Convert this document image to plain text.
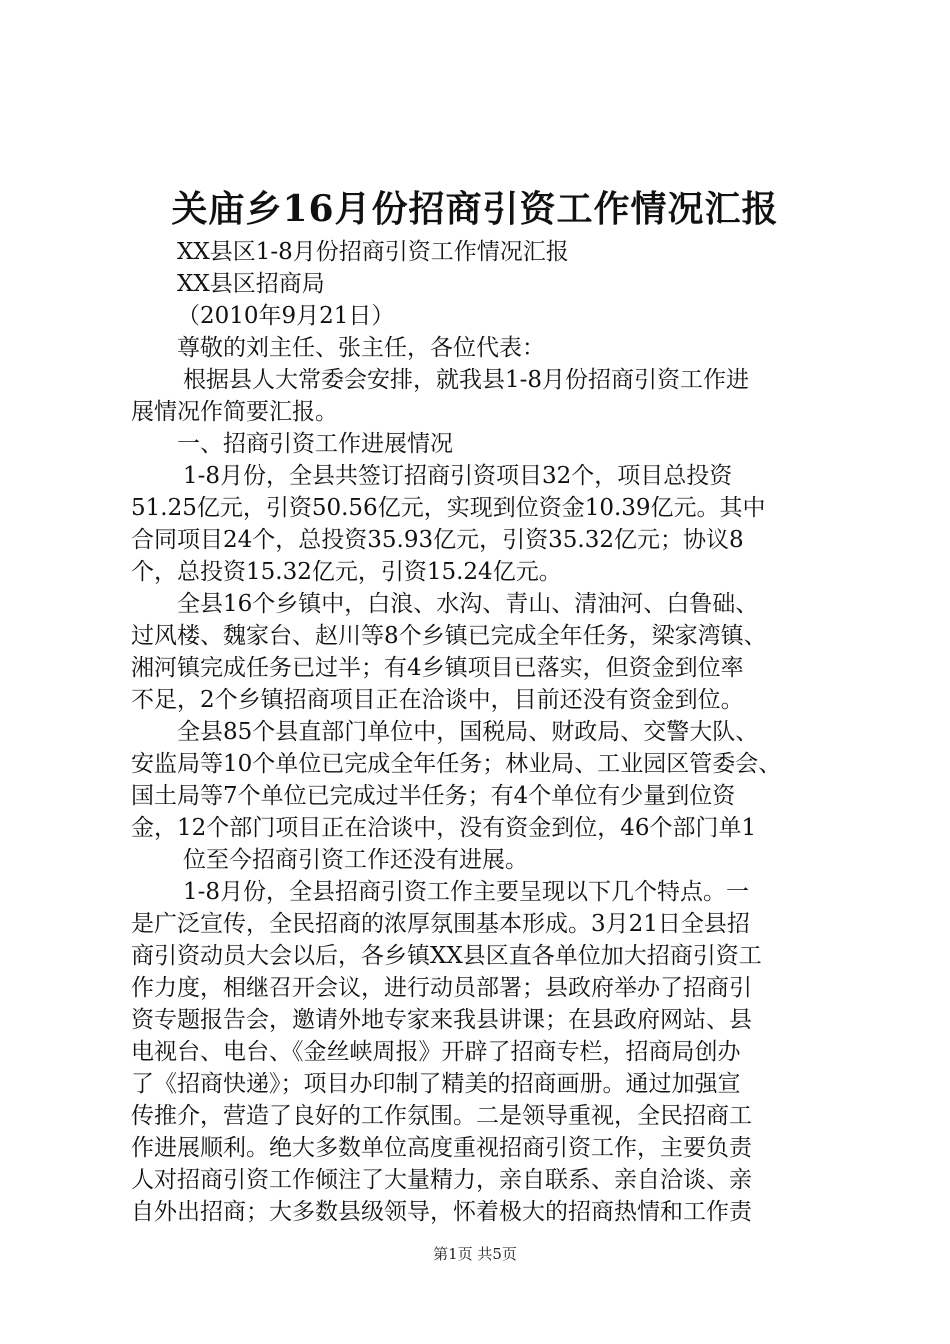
关庙乡16月份招商引资工作情况汇报
XX县区1-8月份招商引资工作情况汇报
XX县区招商局
（2010年9月21日）
尊敬的刘主任、张主任，各位代表：
根据县人大常委会安排，就我县1-8月份招商引资工作进
展情况作简要汇报。
一、招商引资工作进展情况
1-8月份，全县共签订招商引资项目32个，项目总投资
51.25亿元，引资50.56亿元，实现到位资金10.39亿元。其中
合同项目24个，总投资35.93亿元，引资35.32亿元；协议8
个，总投资15.32亿元，引资15.24亿元。
全县16个乡镇中，白浪、水沟、青山、清油河、白鲁础、
过风楼、魏家台、赵川等8个乡镇已完成全年任务，梁家湾镇、
湘河镇完成任务已过半；有4乡镇项目已落实，但资金到位率
不足，2个乡镇招商项目正在洽谈中，目前还没有资金到位。
全县85个县直部门单位中，国税局、财政局、交警大队、
安监局等10个单位已完成全年任务；林业局、工业园区管委会、
国土局等7个单位已完成过半任务；有4个单位有少量到位资
金，12个部门项目正在洽谈中，没有资金到位，46个部门单1
位至今招商引资工作还没有进展。
1-8月份，全县招商引资工作主要呈现以下几个特点。一
是广泛宣传，全民招商的浓厚氛围基本形成。3月21日全县招
商引资动员大会以后，各乡镇XX县区直各单位加大招商引资工
作力度，相继召开会议，进行动员部署；县政府举办了招商引
资专题报告会，邀请外地专家来我县讲课；在县政府网站、县
电视台、电台、《金丝峡周报》开辟了招商专栏，招商局创办
了《招商快递》；项目办印制了精美的招商画册。通过加强宣
传推介，营造了良好的工作氛围。二是领导重视，全民招商工
作进展顺利。绝大多数单位高度重视招商引资工作，主要负责
人对招商引资工作倾注了大量精力，亲自联系、亲自洽谈、亲
自外出招商；大多数县级领导，怀着极大的招商热情和工作责
第1页 共5页
